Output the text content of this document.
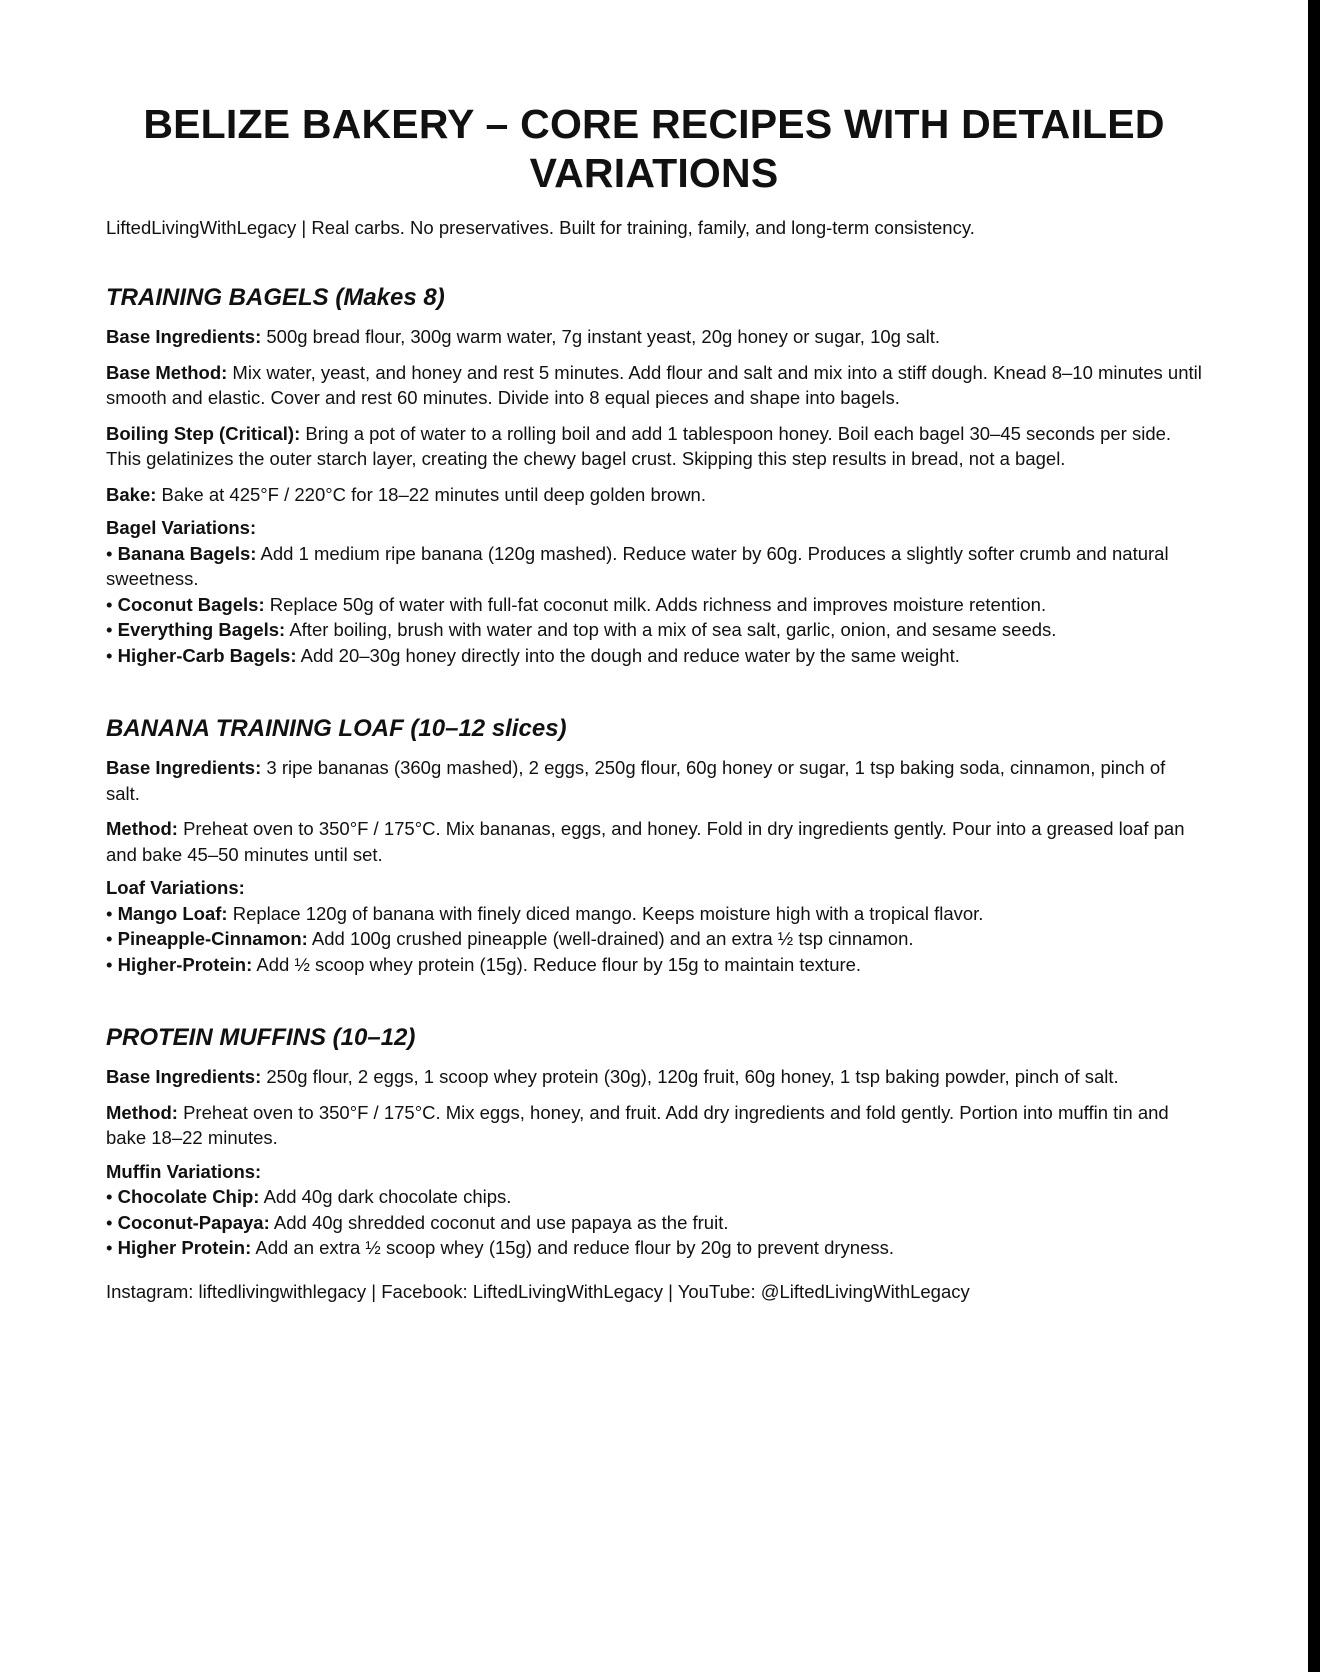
BELIZE BAKERY – CORE RECIPES WITH DETAILED VARIATIONS

LiftedLivingWithLegacy | Real carbs. No preservatives. Built for training, family, and long-term consistency.

TRAINING BAGELS (Makes 8)

Base Ingredients: 500g bread flour, 300g warm water, 7g instant yeast, 20g honey or sugar, 10g salt.

Base Method: Mix water, yeast, and honey and rest 5 minutes. Add flour and salt and mix into a stiff dough. Knead 8–10 minutes until smooth and elastic. Cover and rest 60 minutes. Divide into 8 equal pieces and shape into bagels.

Boiling Step (Critical): Bring a pot of water to a rolling boil and add 1 tablespoon honey. Boil each bagel 30–45 seconds per side. This gelatinizes the outer starch layer, creating the chewy bagel crust. Skipping this step results in bread, not a bagel.

Bake: Bake at 425°F / 220°C for 18–22 minutes until deep golden brown.

Bagel Variations:

• Banana Bagels: Add 1 medium ripe banana (120g mashed). Reduce water by 60g. Produces a slightly softer crumb and natural sweetness.
• Coconut Bagels: Replace 50g of water with full-fat coconut milk. Adds richness and improves moisture retention.
• Everything Bagels: After boiling, brush with water and top with a mix of sea salt, garlic, onion, and sesame seeds.
• Higher-Carb Bagels: Add 20–30g honey directly into the dough and reduce water by the same weight.
BANANA TRAINING LOAF (10–12 slices)

Base Ingredients: 3 ripe bananas (360g mashed), 2 eggs, 250g flour, 60g honey or sugar, 1 tsp baking soda, cinnamon, pinch of salt.

Method: Preheat oven to 350°F / 175°C. Mix bananas, eggs, and honey. Fold in dry ingredients gently. Pour into a greased loaf pan and bake 45–50 minutes until set.

Loaf Variations:

• Mango Loaf: Replace 120g of banana with finely diced mango. Keeps moisture high with a tropical flavor.
• Pineapple-Cinnamon: Add 100g crushed pineapple (well-drained) and an extra ½ tsp cinnamon.
• Higher-Protein: Add ½ scoop whey protein (15g). Reduce flour by 15g to maintain texture.
PROTEIN MUFFINS (10–12)

Base Ingredients: 250g flour, 2 eggs, 1 scoop whey protein (30g), 120g fruit, 60g honey, 1 tsp baking powder, pinch of salt.

Method: Preheat oven to 350°F / 175°C. Mix eggs, honey, and fruit. Add dry ingredients and fold gently. Portion into muffin tin and bake 18–22 minutes.

Muffin Variations:

• Chocolate Chip: Add 40g dark chocolate chips.
• Coconut-Papaya: Add 40g shredded coconut and use papaya as the fruit.
• Higher Protein: Add an extra ½ scoop whey (15g) and reduce flour by 20g to prevent dryness.

Instagram: liftedlivingwithlegacy | Facebook: LiftedLivingWithLegacy | YouTube: @LiftedLivingWithLegacy
